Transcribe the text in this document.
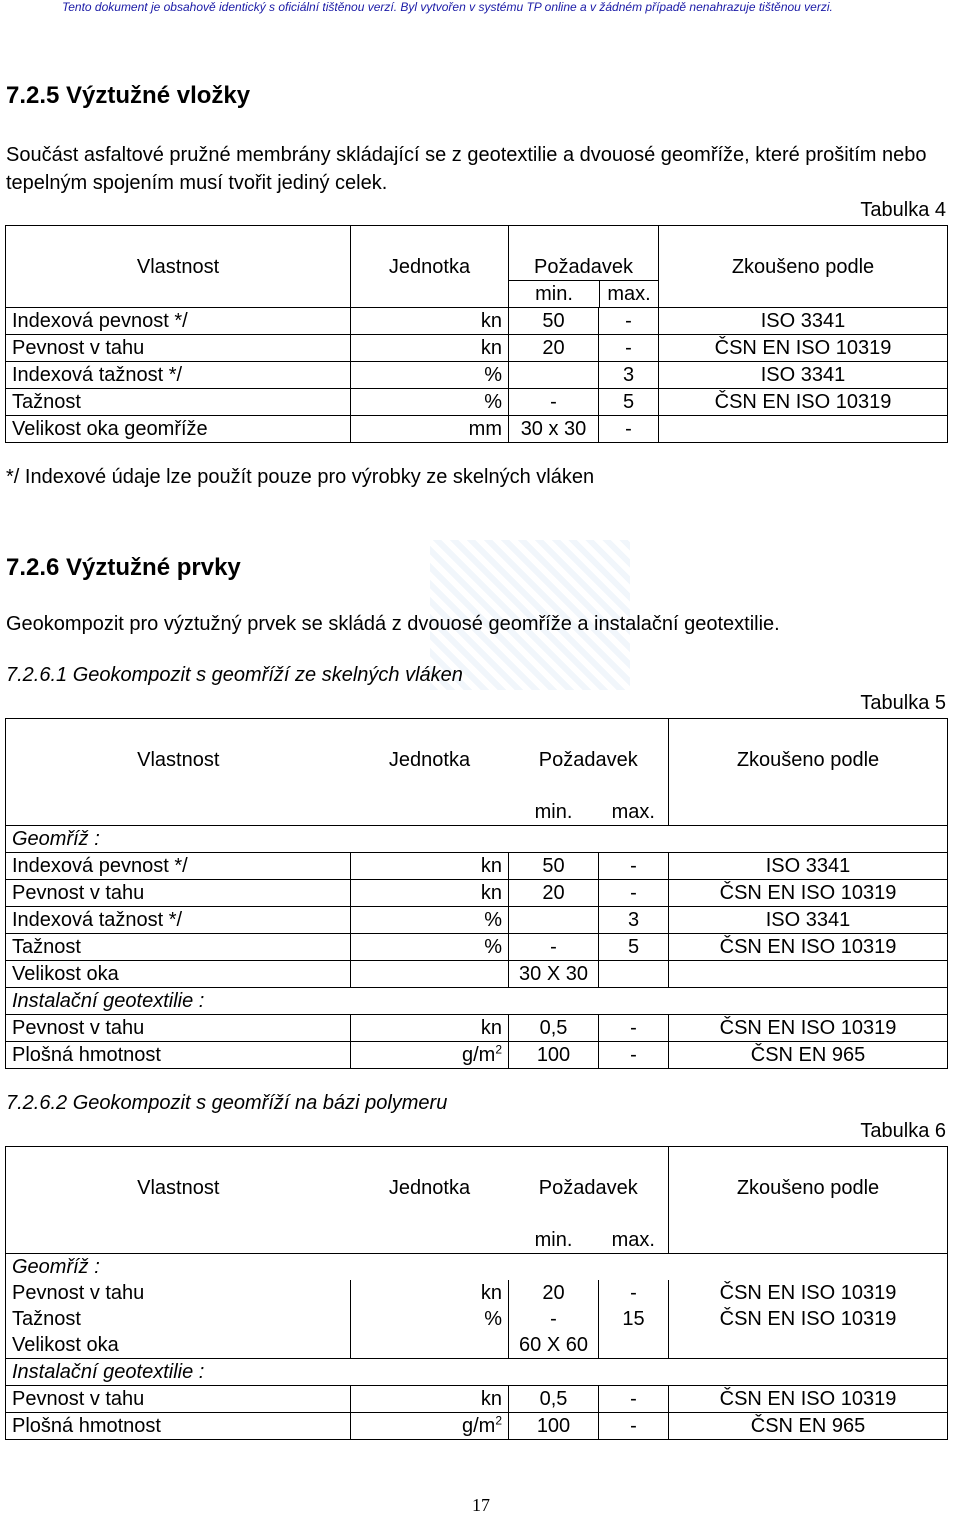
Tento dokument je obsahově identický s oficiální tištěnou verzí. Byl vytvořen v systému TP online a v žádném případě nenahrazuje tištěnou verzi.
7.2.5 Výztužné vložky
Součást asfaltové pružné membrány skládající se z geotextilie a dvouosé geomříže, které prošitím nebo tepelným spojením musí tvořit jediný celek.
Tabulka 4
Vlastnost	Jednotka	Požadavek
min. max.		Zkoušeno podle
Indexová pevnost */	kn	50	-	ISO 3341
Pevnost v tahu	kn	20	-	ČSN EN ISO 10319
Indexová tažnost */	%		3	ISO 3341
Tažnost	%	-	5	ČSN EN ISO 10319
Velikost oka geomříže	mm	30 x 30	-	
*/ Indexové údaje lze použít pouze pro výrobky ze skelných vláken
7.2.6 Výztužné prvky
Geokompozit pro výztužný prvek se skládá z dvouosé geomříže a instalační geotextilie.
7.2.6.1 Geokompozit s geomříží ze skelných vláken
Tabulka 5
Vlastnost	Jednotka	Požadavek
min. max.		Zkoušeno podle
Geomříž :				
Indexová pevnost */	kn	50	-	ISO 3341
Pevnost v tahu	kn	20	-	ČSN EN ISO 10319
Indexová tažnost */	%		3	ISO 3341
Tažnost	%	-	5	ČSN EN ISO 10319
Velikost oka		30 X 30		
Instalační geotextilie :				
Pevnost v tahu	kn	0,5	-	ČSN EN ISO 10319
Plošná hmotnost	$g/m^2$	100	-	ČSN EN 965
7.2.6.2 Geokompozit s geomříží na bázi polymeru
Tabulka 6
Vlastnost	Jednotka	Požadavek
min. max.		Zkoušeno podle
Geomříž :				
Pevnost v tahu	kn	20	-	ČSN EN ISO 10319
Tažnost	%	-	15	ČSN EN ISO 10319
Velikost oka		60 X 60		
Instalační geotextilie :				
Pevnost v tahu	kn	0,5	-	ČSN EN ISO 10319
Plošná hmotnost	$g/m^2$	100	-	ČSN EN 965
17
